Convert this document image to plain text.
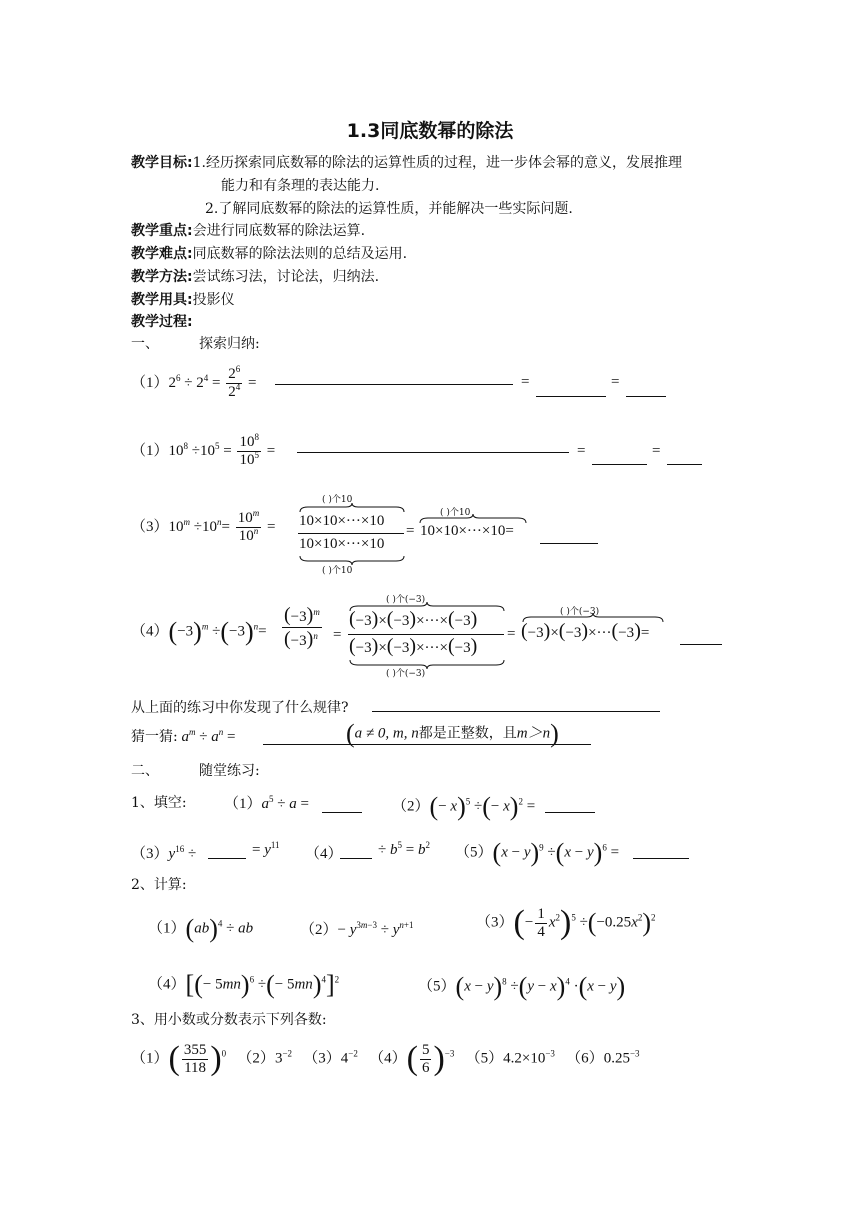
1.3同底数幂的除法
教学目标:1.经历探索同底数幂的除法的运算性质的过程，进一步体会幂的意义，发展推理
能力和有条理的表达能力.
2.了解同底数幂的除法的运算性质，并能解决一些实际问题.
教学重点:会进行同底数幂的除法运算.
教学难点:同底数幂的除法法则的总结及运用.
教学方法:尝试练习法，讨论法，归纳法.
教学用具:投影仪
教学过程:
一、	探索归纳:
$(1)2^6 \div 2^4 = \frac{2^6}{2^4}$ =	=	=
$(1)10^8 \div 10^5 = \frac{10^8}{10^5}$ =	=	=
$(3)10^m \div 10^n= \frac{10^m}{10^n}$ =
( )个10
10×10×···×10
10×10×···×10
( )个10
=
( )个10
10×10×···×10=
$(4)(-3)^m \div(-3)^n=$
$(-3)^m$
$(-3)^n$ =
( )个(−3)
(−3)×(−3)×···×(−3)
(−3)×(−3)×···×(−3)
( )个(−3)
=
( )个(−3)
(−3)×(−3)×···(−3)=
从上面的练习中你发现了什么规律?
猜一猜: $a^m \div a^n$ =	(a ≠ 0, m, n都是正整数，且m＞n)
二、	随堂练习:
1、填空: $(1)a^5 \div a$ =	$(2)(- x)^5$ ÷(− x)$^2$ =
$(3)y^{16}$ ÷	= $y^{11}$
$(4) \div b^5 = b^2$ $(5)(x - y)^9 \div(x - y)^6$ =
2、计算:
（1）(ab)$^4$ ÷ ab	$(2)- y^{3m-3} \div y^{n+1}$	$(3)(- \frac{1}{4} x^2)^5 \div(-0.25x^2)^2$
$(4)[(- 5mn)^6$ ÷(− 5mn)$^4$]$^2$	$(5)(x - y)^8 \div(y - x)^4 \cdot(x - y)$
3、用小数或分数表示下列各数:
$(1)( \frac{355}{118} )^0$ $(2)3^{-2}$ $(3)4^{-2}$ $(4)( \frac{5}{6} )^{-3}$ $(5)4.2\times 10^{-3}$ $(6)0.25^{-3}$
